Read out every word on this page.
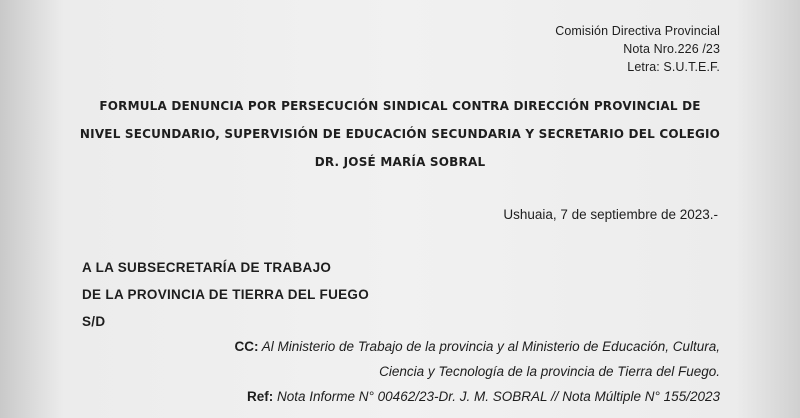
Comisión Directiva Provincial

Nota Nro.226 /23

Letra: S.U.T.E.F.

FORMULA DENUNCIA POR PERSECUCIÓN SINDICAL CONTRA DIRECCIÓN PROVINCIAL DE

NIVEL SECUNDARIO, SUPERVISIÓN DE EDUCACIÓN SECUNDARIA Y SECRETARIO DEL COLEGIO

DR. JOSÉ MARÍA SOBRAL

Ushuaia, 7 de septiembre de 2023.-

A LA SUBSECRETARÍA DE TRABAJO

DE LA PROVINCIA DE TIERRA DEL FUEGO

S/D

CC: Al Ministerio de Trabajo de la provincia y al Ministerio de Educación, Cultura,

Ciencia y Tecnología de la provincia de Tierra del Fuego.

Ref: Nota Informe N° 00462/23-Dr. J. M. SOBRAL // Nota Múltiple N° 155/2023
